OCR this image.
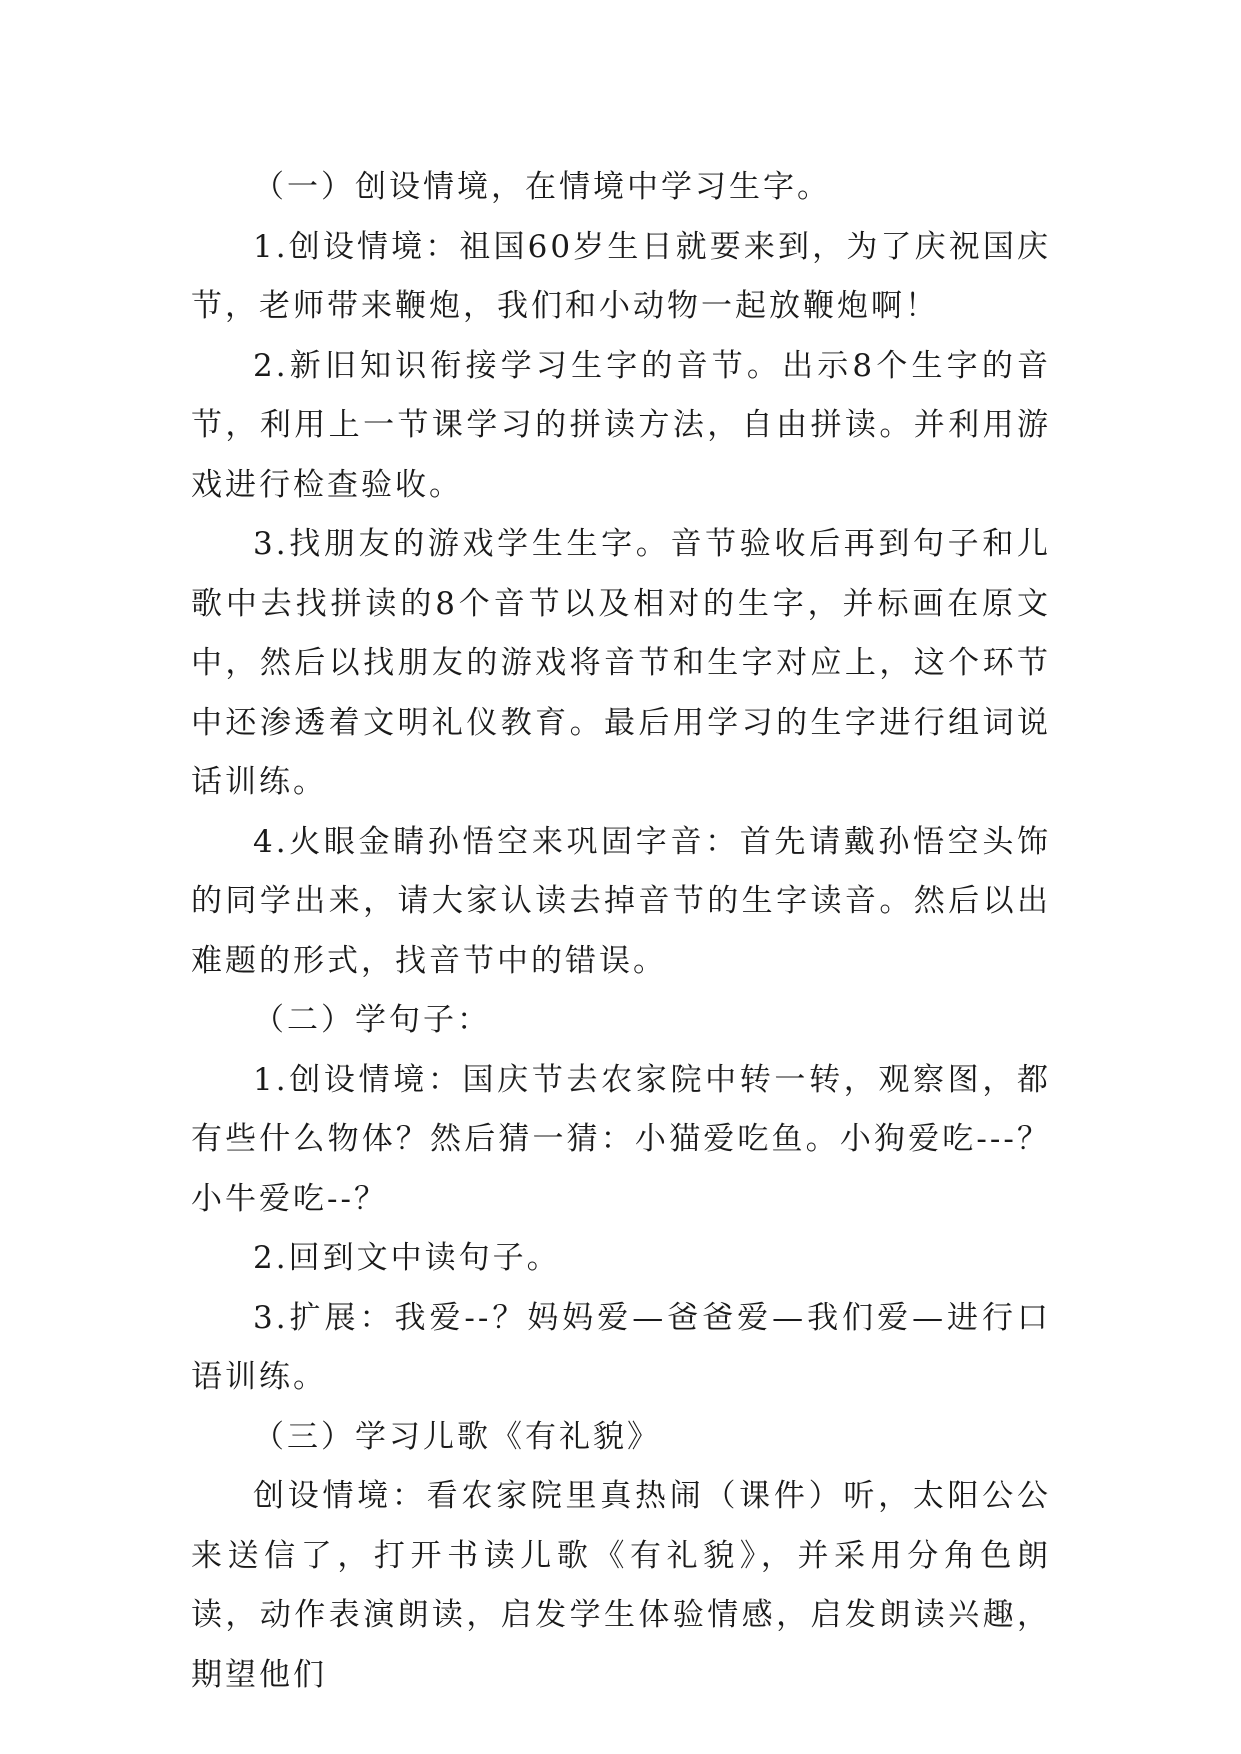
（一）创设情境，在情境中学习生字。

1.创设情境：祖国60岁生日就要来到，为了庆祝国庆节，老师带来鞭炮，我们和小动物一起放鞭炮啊！

2.新旧知识衔接学习生字的音节。出示8个生字的音节，利用上一节课学习的拼读方法，自由拼读。并利用游戏进行检查验收。

3.找朋友的游戏学生生字。音节验收后再到句子和儿歌中去找拼读的8个音节以及相对的生字，并标画在原文中，然后以找朋友的游戏将音节和生字对应上，这个环节中还渗透着文明礼仪教育。最后用学习的生字进行组词说话训练。

4.火眼金睛孙悟空来巩固字音：首先请戴孙悟空头饰的同学出来，请大家认读去掉音节的生字读音。然后以出难题的形式，找音节中的错误。

（二）学句子：

1.创设情境：国庆节去农家院中转一转，观察图，都有些什么物体？然后猜一猜：小猫爱吃鱼。小狗爱吃---？小牛爱吃--？

2.回到文中读句子。

3.扩展：我爱--？妈妈爱—爸爸爱—我们爱—进行口语训练。

（三）学习儿歌《有礼貌》

创设情境：看农家院里真热闹（课件）听，太阳公公来送信了，打开书读儿歌《有礼貌》，并采用分角色朗读，动作表演朗读，启发学生体验情感，启发朗读兴趣，期望他们
